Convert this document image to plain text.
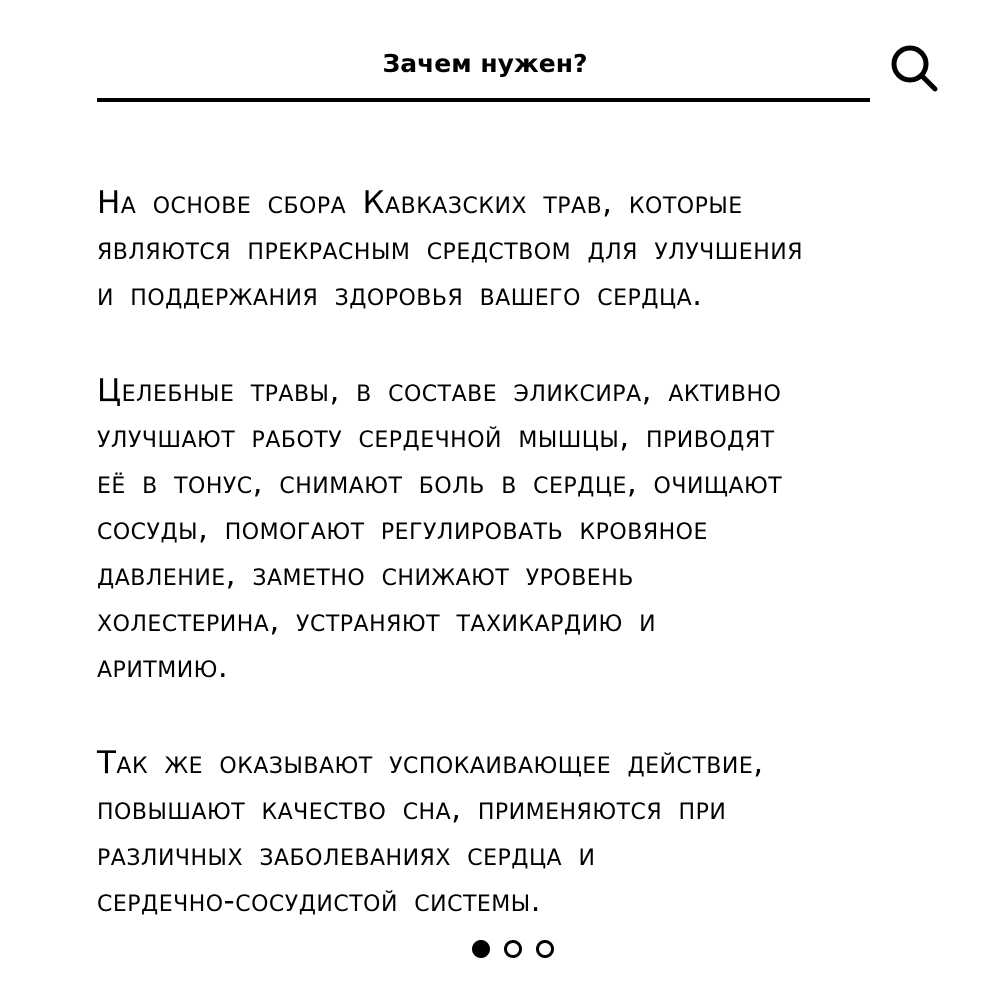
Зачем нужен?

На основе сбора Кавказских трав, которые
являются прекрасным средством для улучшения
и поддержания здоровья вашего сердца.

Целебные травы, в составе эликсира, активно
улучшают работу сердечной мышцы, приводят
её в тонус, снимают боль в сердце, очищают
сосуды, помогают регулировать кровяное
давление, заметно снижают уровень
холестерина, устраняют тахикардию и
аритмию.

Так же оказывают успокаивающее действие,
повышают качество сна, применяются при
различных заболеваниях сердца и
сердечно-сосудистой системы.
